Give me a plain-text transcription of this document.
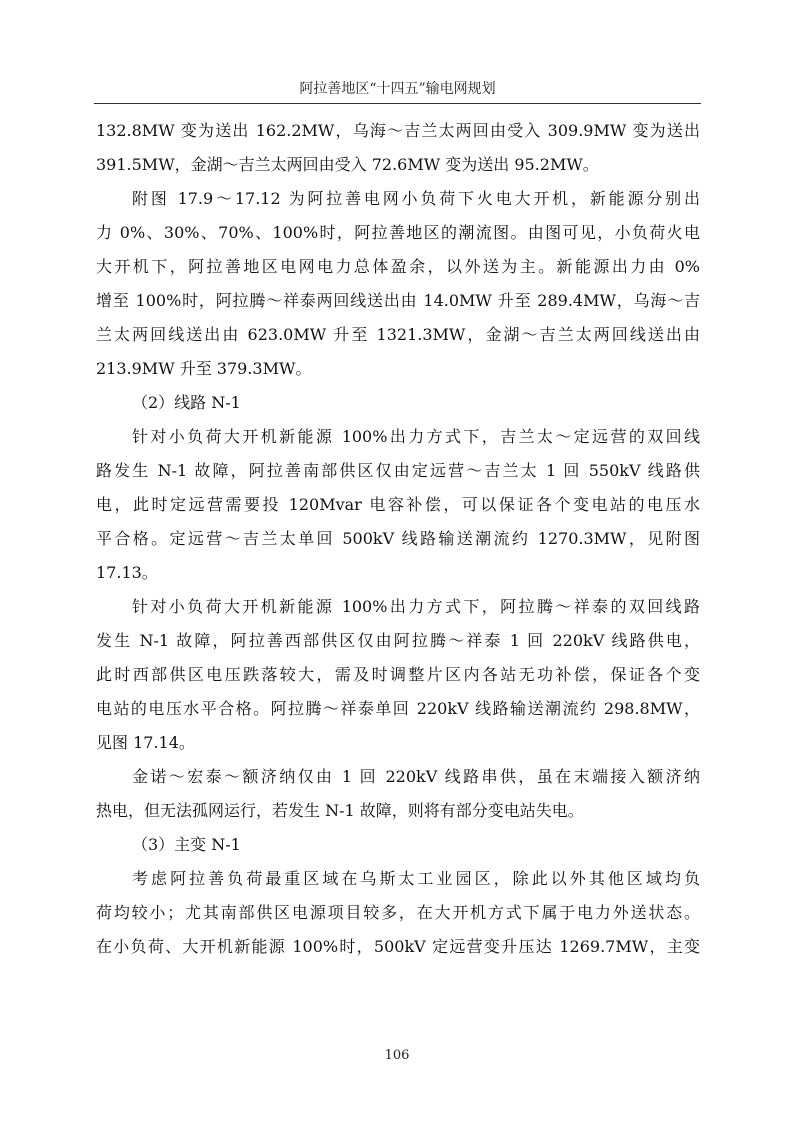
阿拉善地区“十四五”输电网规划
132.8MW 变为送出 162.2MW，乌海～吉兰太两回由受入 309.9MW 变为送出
391.5MW，金湖～吉兰太两回由受入 72.6MW 变为送出 95.2MW。
附图 17.9～17.12 为阿拉善电网小负荷下火电大开机，新能源分别出
力 0%、30%、70%、100%时，阿拉善地区的潮流图。由图可见，小负荷火电
大开机下，阿拉善地区电网电力总体盈余，以外送为主。新能源出力由 0%
增至 100%时，阿拉腾～祥泰两回线送出由 14.0MW 升至 289.4MW，乌海～吉
兰太两回线送出由 623.0MW 升至 1321.3MW，金湖～吉兰太两回线送出由
213.9MW 升至 379.3MW。
（2）线路 N-1
针对小负荷大开机新能源 100%出力方式下，吉兰太～定远营的双回线
路发生 N-1 故障，阿拉善南部供区仅由定远营～吉兰太 1 回 550kV 线路供
电，此时定远营需要投 120Mvar 电容补偿，可以保证各个变电站的电压水
平合格。定远营～吉兰太单回 500kV 线路输送潮流约 1270.3MW，见附图
17.13。
针对小负荷大开机新能源 100%出力方式下，阿拉腾～祥泰的双回线路
发生 N-1 故障，阿拉善西部供区仅由阿拉腾～祥泰 1 回 220kV 线路供电，
此时西部供区电压跌落较大，需及时调整片区内各站无功补偿，保证各个变
电站的电压水平合格。阿拉腾～祥泰单回 220kV 线路输送潮流约 298.8MW，
见图 17.14。
金诺～宏泰～额济纳仅由 1 回 220kV 线路串供，虽在末端接入额济纳
热电，但无法孤网运行，若发生 N-1 故障，则将有部分变电站失电。
（3）主变 N-1
考虑阿拉善负荷最重区域在乌斯太工业园区，除此以外其他区域均负
荷均较小；尤其南部供区电源项目较多，在大开机方式下属于电力外送状态。
在小负荷、大开机新能源 100%时，500kV 定远营变升压达 1269.7MW，主变
106
